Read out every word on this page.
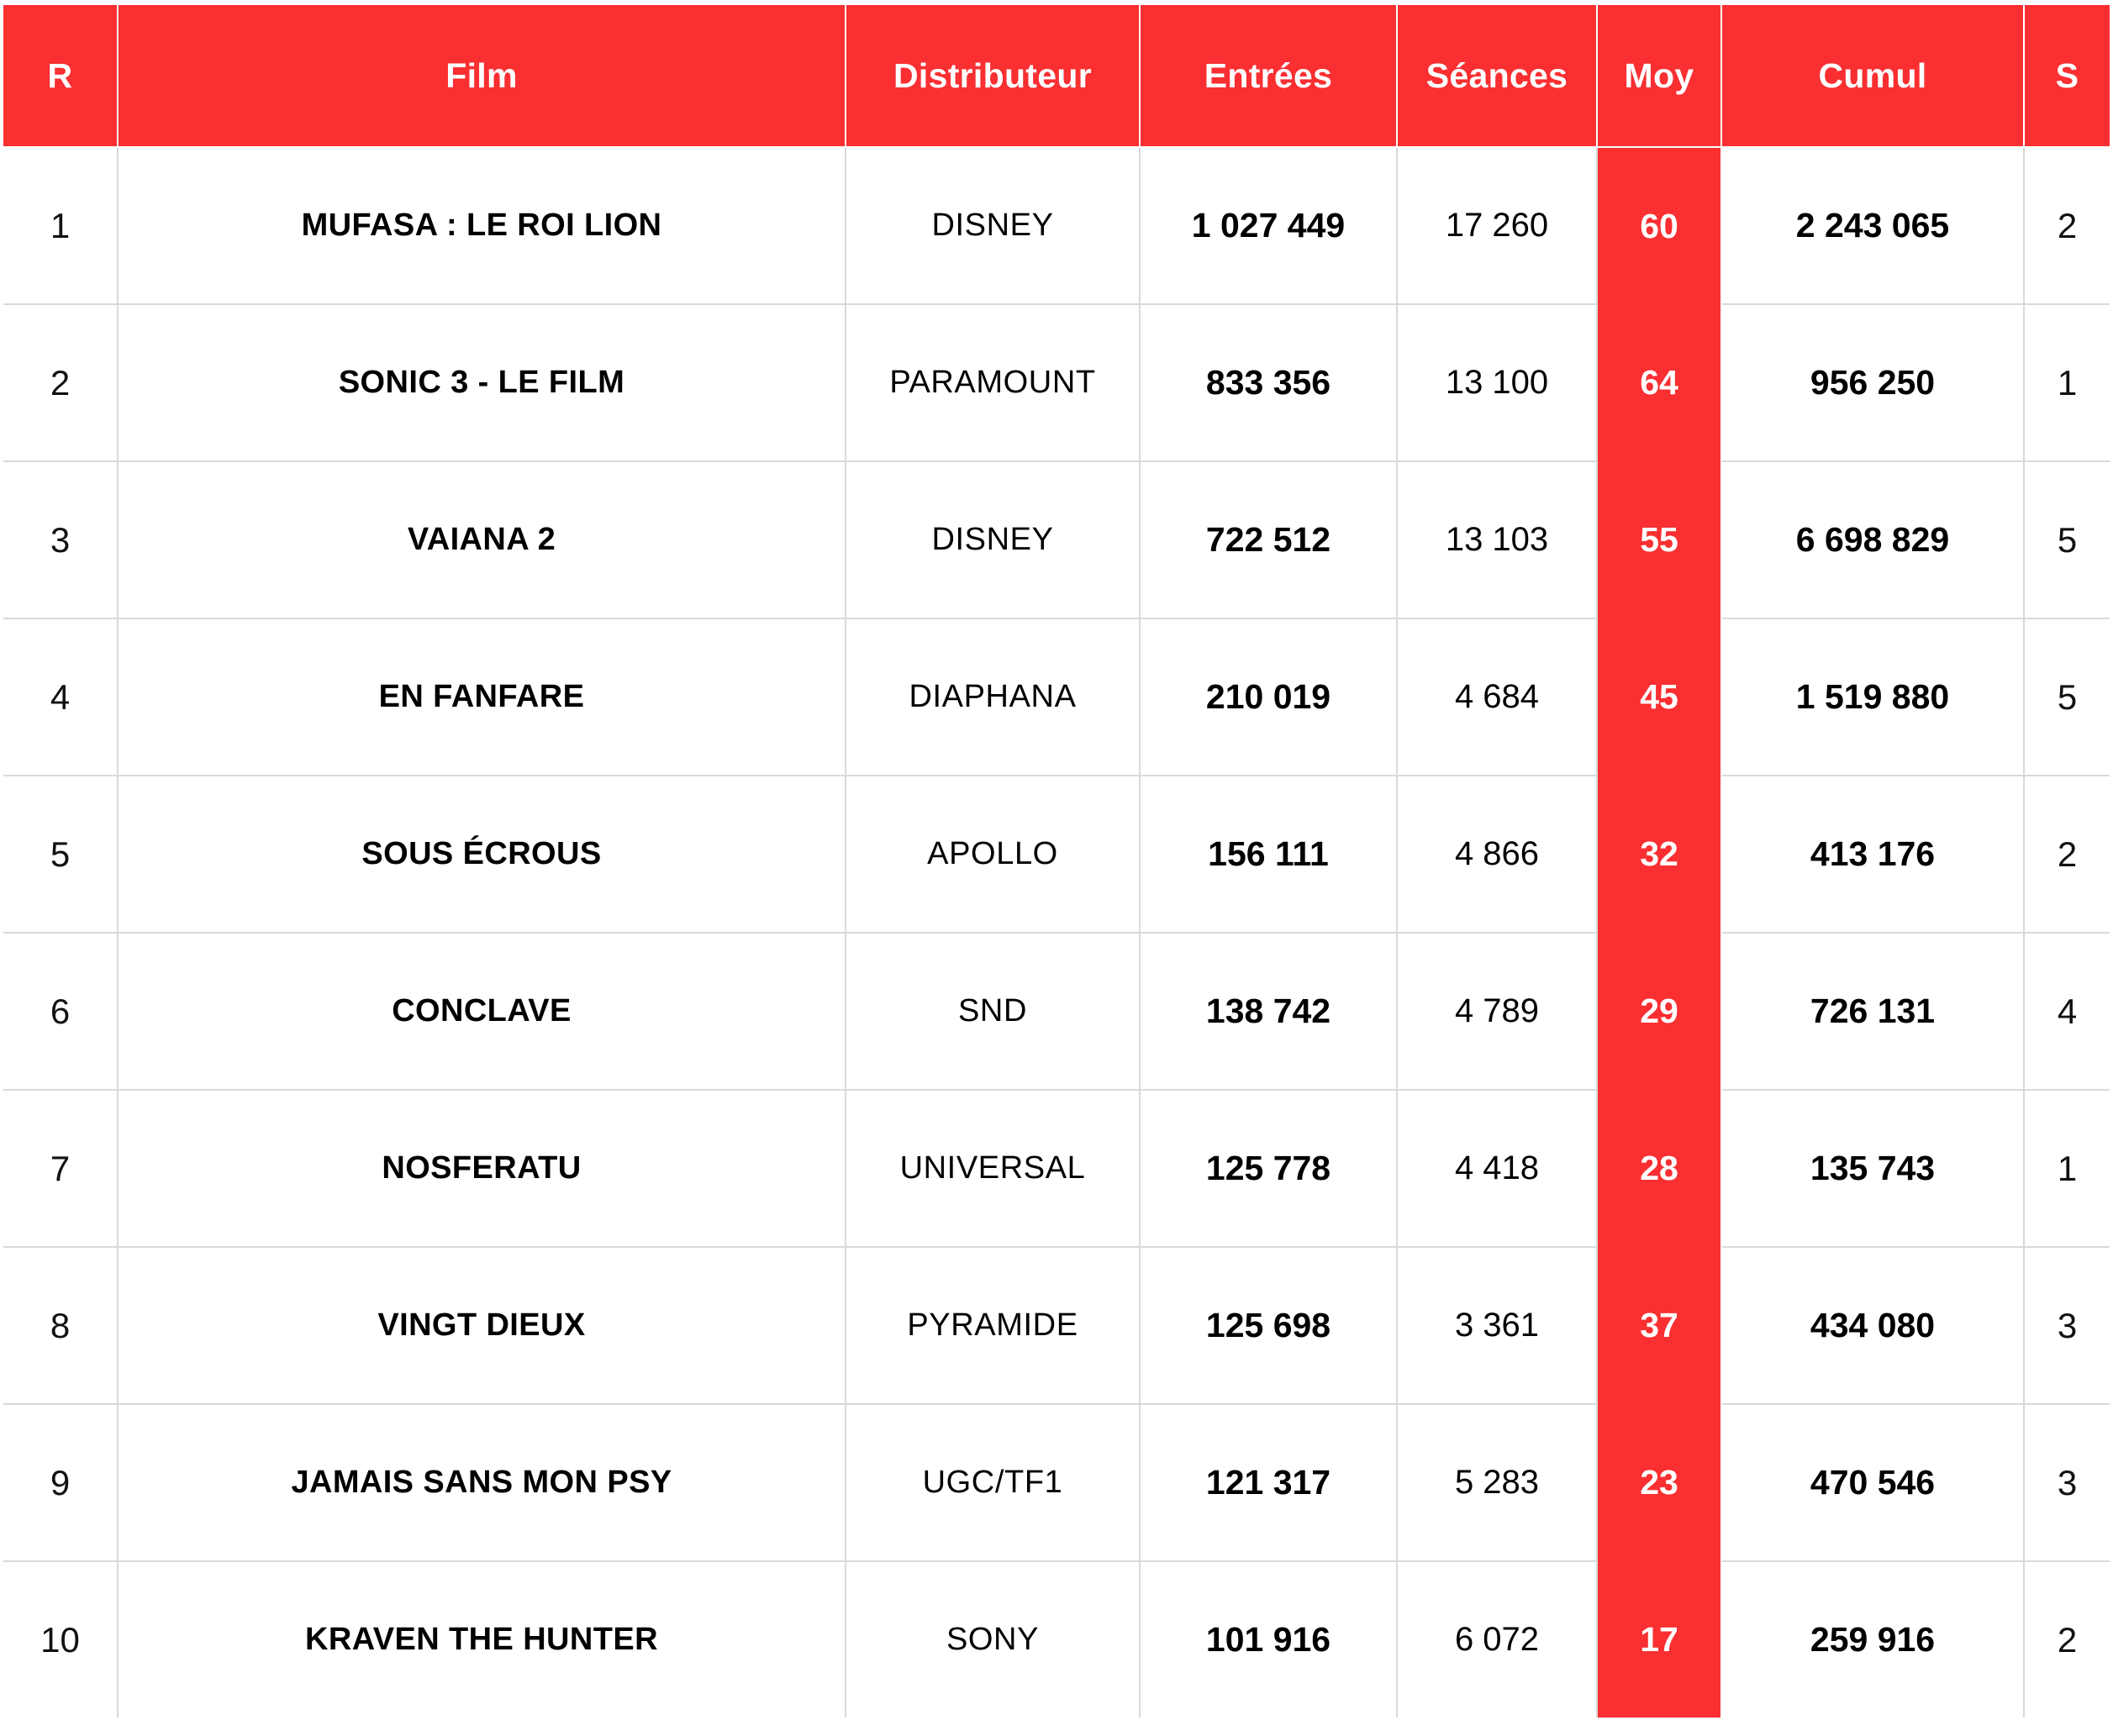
R	Film	Distributeur	Entrées	Séances	Moy	Cumul	S
1	MUFASA : LE ROI LION	DISNEY	1 027 449	17 260	60	2 243 065	2
2	SONIC 3 - LE FILM	PARAMOUNT	833 356	13 100	64	956 250	1
3	VAIANA 2	DISNEY	722 512	13 103	55	6 698 829	5
4	EN FANFARE	DIAPHANA	210 019	4 684	45	1 519 880	5
5	SOUS ÉCROUS	APOLLO	156 111	4 866	32	413 176	2
6	CONCLAVE	SND	138 742	4 789	29	726 131	4
7	NOSFERATU	UNIVERSAL	125 778	4 418	28	135 743	1
8	VINGT DIEUX	PYRAMIDE	125 698	3 361	37	434 080	3
9	JAMAIS SANS MON PSY	UGC/TF1	121 317	5 283	23	470 546	3
10	KRAVEN THE HUNTER	SONY	101 916	6 072	17	259 916	2
